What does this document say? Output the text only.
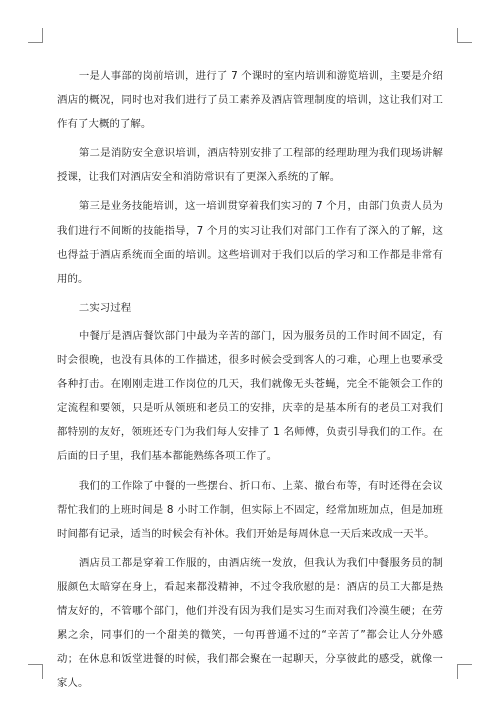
一是人事部的岗前培训，进行了 7 个课时的室内培训和游览培训，主要是介绍酒店的概况，同时也对我们进行了员工素养及酒店管理制度的培训，这让我们对工作有了大概的了解。

第二是消防安全意识培训，酒店特别安排了工程部的经理助理为我们现场讲解授课，让我们对酒店安全和消防常识有了更深入系统的了解。

第三是业务技能培训，这一培训贯穿着我们实习的 7 个月，由部门负责人员为我们进行不间断的技能指导，7 个月的实习让我们对部门工作有了深入的了解，这也得益于酒店系统而全面的培训。这些培训对于我们以后的学习和工作都是非常有用的。

二实习过程

中餐厅是酒店餐饮部门中最为辛苦的部门，因为服务员的工作时间不固定，有时会很晚，也没有具体的工作描述，很多时候会受到客人的刁难，心理上也要承受各种打击。在刚刚走进工作岗位的几天，我们就像无头苍蝇，完全不能领会工作的定流程和要领，只是听从领班和老员工的安排，庆幸的是基本所有的老员工对我们都特别的友好，领班还专门为我们每人安排了 1 名师傅，负责引导我们的工作。在后面的日子里，我们基本都能熟练各项工作了。

我们的工作除了中餐的一些摆台、折口布、上菜、撤台布等，有时还得在会议帮忙我们的上班时间是 8 小时工作制，但实际上不固定，经常加班加点，但是加班时间都有记录，适当的时候会有补休。我们开始是每周休息一天后来改成一天半。

酒店员工都是穿着工作服的，由酒店统一发放，但我认为我们中餐服务员的制服颜色太暗穿在身上，看起来都没精神，不过令我欣慰的是：酒店的员工大都是热情友好的，不管哪个部门，他们并没有因为我们是实习生而对我们冷漠生硬；在劳累之余，同事们的一个甜美的微笑，一句再普通不过的“辛苦了”都会让人分外感动；在休息和饭堂进餐的时候，我们都会聚在一起聊天，分享彼此的感受，就像一家人。
